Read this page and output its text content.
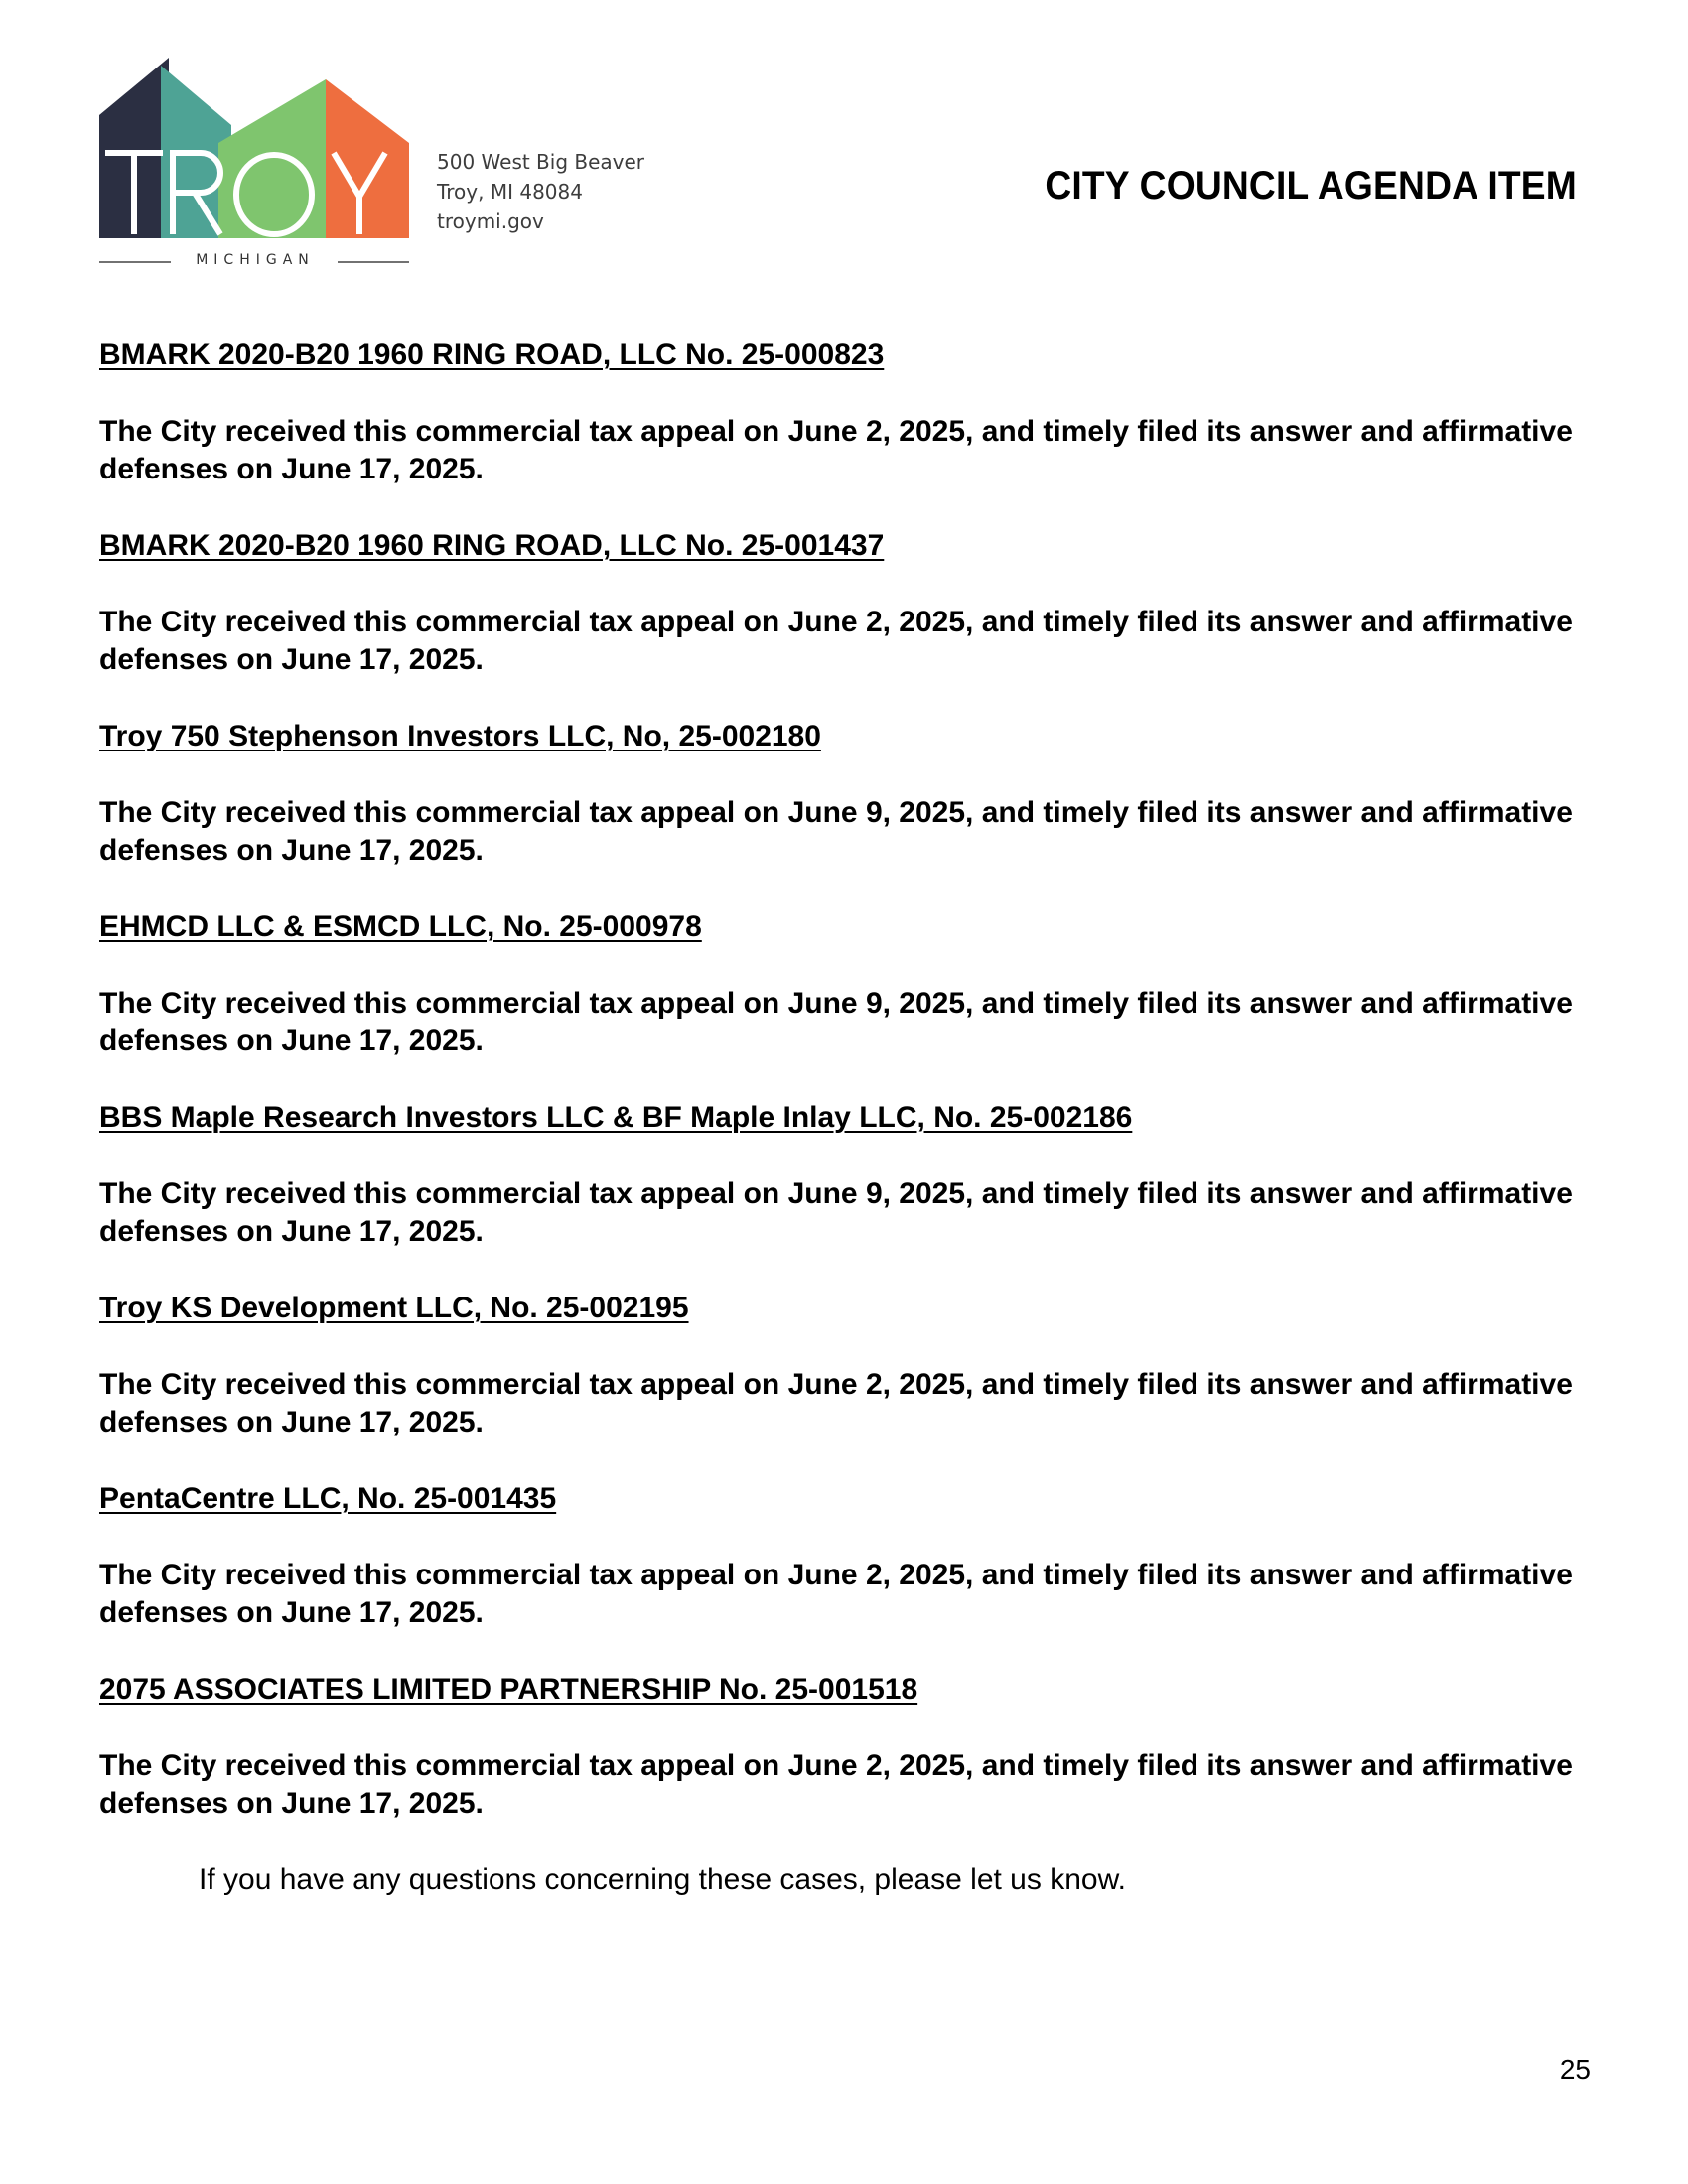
MICHIGAN
500 West Big Beaver
Troy, MI 48084
troymi.gov
CITY COUNCIL AGENDA ITEM
BMARK 2020-B20 1960 RING ROAD, LLC No. 25-000823
The City received this commercial tax appeal on June 2, 2025, and timely filed its answer and affirmative defenses on June 17, 2025.
BMARK 2020-B20 1960 RING ROAD, LLC No. 25-001437
The City received this commercial tax appeal on June 2, 2025, and timely filed its answer and affirmative defenses on June 17, 2025.
Troy 750 Stephenson Investors LLC, No, 25-002180
The City received this commercial tax appeal on June 9, 2025, and timely filed its answer and affirmative defenses on June 17, 2025.
EHMCD LLC & ESMCD LLC, No. 25-000978
The City received this commercial tax appeal on June 9, 2025, and timely filed its answer and affirmative defenses on June 17, 2025.
BBS Maple Research Investors LLC & BF Maple Inlay LLC, No. 25-002186
The City received this commercial tax appeal on June 9, 2025, and timely filed its answer and affirmative defenses on June 17, 2025.
Troy KS Development LLC, No. 25-002195
The City received this commercial tax appeal on June 2, 2025, and timely filed its answer and affirmative defenses on June 17, 2025.
PentaCentre LLC, No. 25-001435
The City received this commercial tax appeal on June 2, 2025, and timely filed its answer and affirmative defenses on June 17, 2025.
2075 ASSOCIATES LIMITED PARTNERSHIP No. 25-001518
The City received this commercial tax appeal on June 2, 2025, and timely filed its answer and affirmative defenses on June 17, 2025.
If you have any questions concerning these cases, please let us know.
25
